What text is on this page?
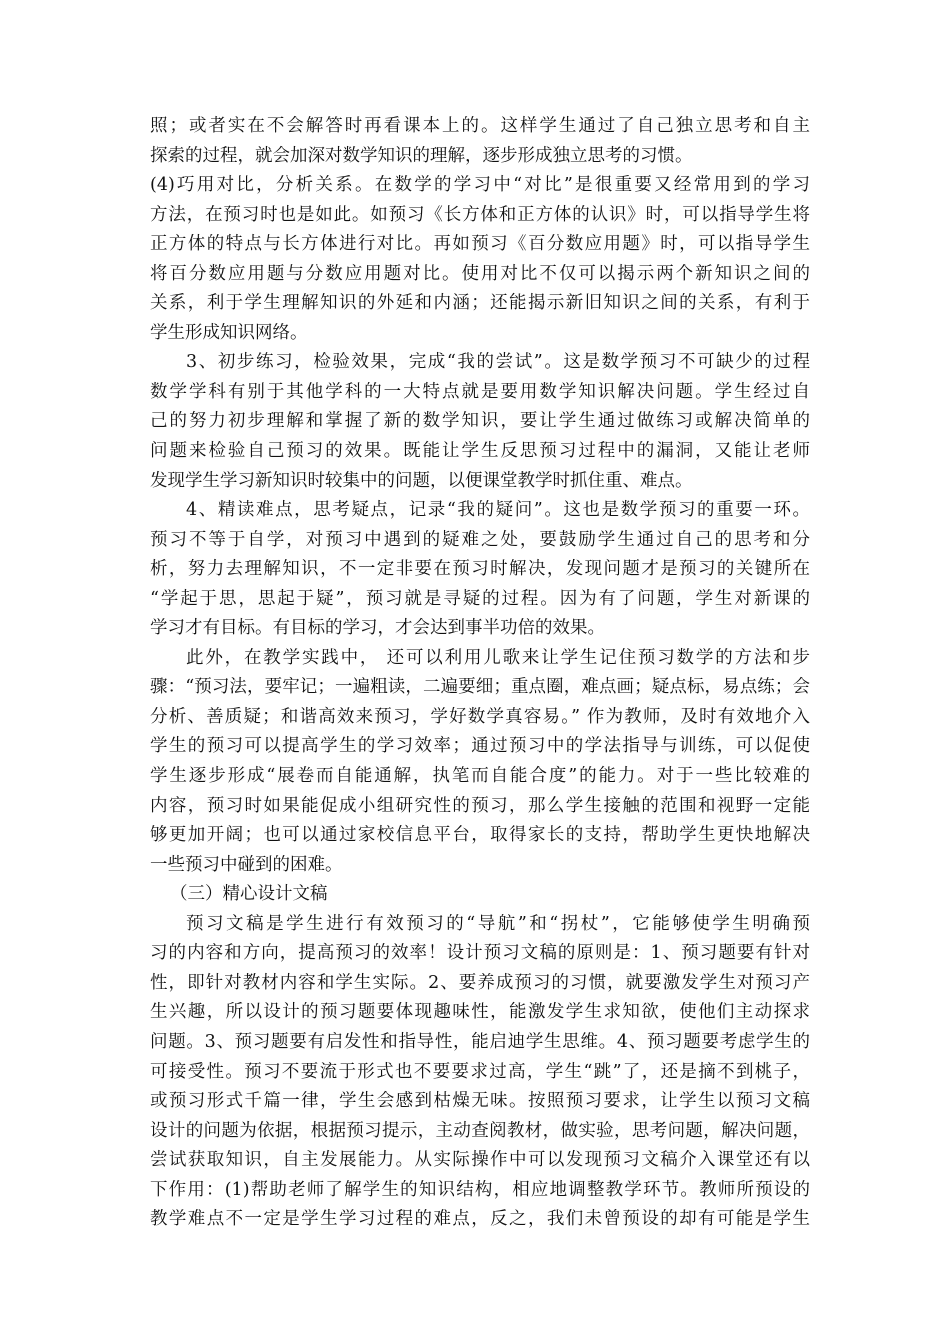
照；或者实在不会解答时再看课本上的。这样学生通过了自己独立思考和自主
探索的过程，就会加深对数学知识的理解，逐步形成独立思考的习惯。
(4)巧用对比，分析关系。在数学的学习中“对比”是很重要又经常用到的学习
方法，在预习时也是如此。如预习《长方体和正方体的认识》时，可以指导学生将
正方体的特点与长方体进行对比。再如预习《百分数应用题》时，可以指导学生
将百分数应用题与分数应用题对比。使用对比不仅可以揭示两个新知识之间的
关系，利于学生理解知识的外延和内涵；还能揭示新旧知识之间的关系，有利于
学生形成知识网络。
3、初步练习，检验效果，完成“我的尝试”。这是数学预习不可缺少的过程
数学学科有别于其他学科的一大特点就是要用数学知识解决问题。学生经过自
己的努力初步理解和掌握了新的数学知识，要让学生通过做练习或解决简单的
问题来检验自己预习的效果。既能让学生反思预习过程中的漏洞，又能让老师
发现学生学习新知识时较集中的问题，以便课堂教学时抓住重、难点。
4、精读难点，思考疑点，记录“我的疑问”。这也是数学预习的重要一环。
预习不等于自学，对预习中遇到的疑难之处，要鼓励学生通过自己的思考和分
析，努力去理解知识，不一定非要在预习时解决，发现问题才是预习的关键所在
“学起于思，思起于疑”，预习就是寻疑的过程。因为有了问题，学生对新课的
学习才有目标。有目标的学习，才会达到事半功倍的效果。
此外，在教学实践中， 还可以利用儿歌来让学生记住预习数学的方法和步
骤：“预习法，要牢记；一遍粗读，二遍要细；重点圈，难点画；疑点标，易点练；会
分析、善质疑；和谐高效来预习，学好数学真容易。” 作为教师，及时有效地介入
学生的预习可以提高学生的学习效率；通过预习中的学法指导与训练，可以促使
学生逐步形成“展卷而自能通解，执笔而自能合度”的能力。对于一些比较难的
内容，预习时如果能促成小组研究性的预习，那么学生接触的范围和视野一定能
够更加开阔；也可以通过家校信息平台，取得家长的支持，帮助学生更快地解决
一些预习中碰到的困难。
（三）精心设计文稿
预习文稿是学生进行有效预习的“导航”和“拐杖”，它能够使学生明确预
习的内容和方向，提高预习的效率！设计预习文稿的原则是：1、预习题要有针对
性，即针对教材内容和学生实际。2、要养成预习的习惯，就要激发学生对预习产
生兴趣，所以设计的预习题要体现趣味性，能激发学生求知欲，使他们主动探求
问题。3、预习题要有启发性和指导性，能启迪学生思维。4、预习题要考虑学生的
可接受性。预习不要流于形式也不要要求过高，学生“跳”了，还是摘不到桃子，
或预习形式千篇一律，学生会感到枯燥无味。按照预习要求，让学生以预习文稿
设计的问题为依据，根据预习提示，主动查阅教材，做实验，思考问题，解决问题，
尝试获取知识，自主发展能力。从实际操作中可以发现预习文稿介入课堂还有以
下作用：(1)帮助老师了解学生的知识结构，相应地调整教学环节。教师所预设的
教学难点不一定是学生学习过程的难点，反之，我们未曾预设的却有可能是学生
